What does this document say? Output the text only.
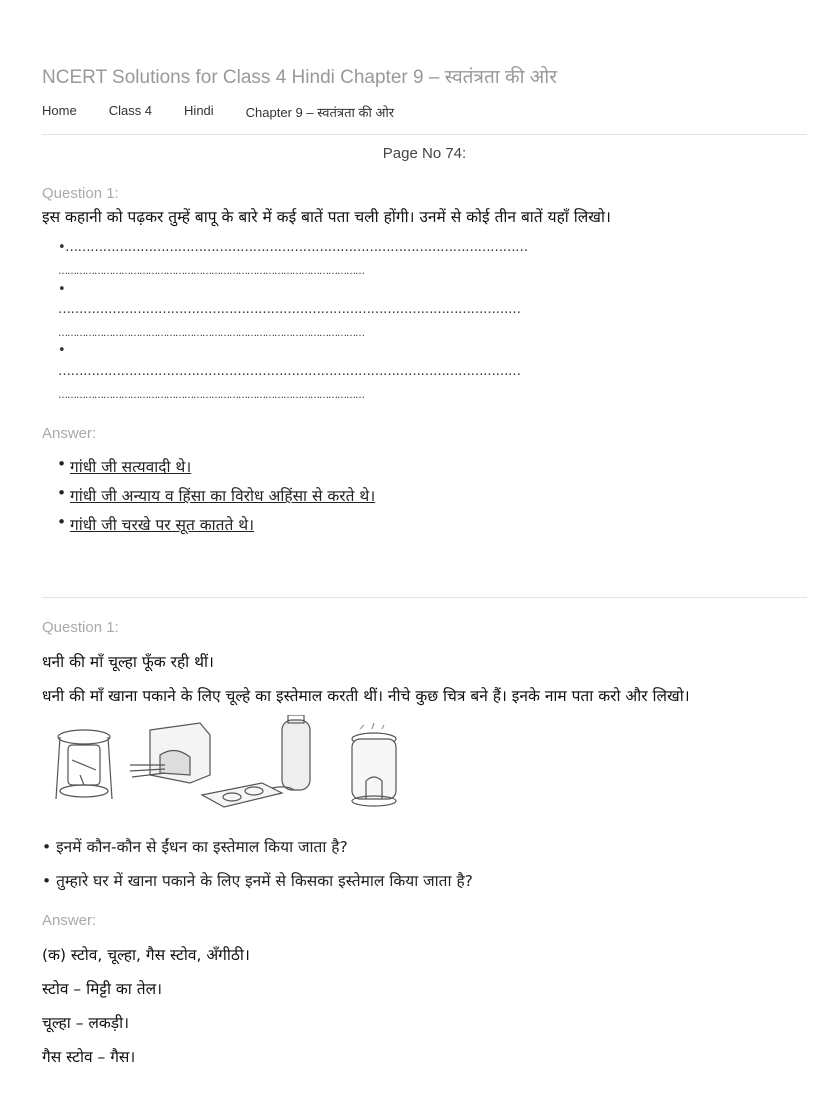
NCERT Solutions for Class 4 Hindi Chapter 9 – स्वतंत्रता की ओर
Home Class 4 Hindi Chapter 9 – स्वतंत्रता की ओर
Page No 74:
Question 1:
इस कहानी को पढ़कर तुम्हें बापू के बारे में कई बातें पता चली होंगी। उनमें से कोई तीन बातें यहाँ लिखो।
•…………………………………………………………………………………………………
…………………………………………………………………………………………
•
…………………………………………………………………………………………………
…………………………………………………………………………………………
•
…………………………………………………………………………………………………
…………………………………………………………………………………………
Answer:
• गांधी जी सत्यवादी थे।
• गांधी जी अन्याय व हिंसा का विरोध अहिंसा से करते थे।
• गांधी जी चरखे पर सूत कातते थे।
Question 1:
धनी की माँ चूल्हा फूँक रही थीं।
धनी की माँ खाना पकाने के लिए चूल्हे का इस्तेमाल करती थीं। नीचे कुछ चित्र बने हैं। इनके नाम पता करो और लिखो।
• इनमें कौन-कौन से ईंधन का इस्तेमाल किया जाता है?
• तुम्हारे घर में खाना पकाने के लिए इनमें से किसका इस्तेमाल किया जाता है?
Answer:
(क) स्टोव, चूल्हा, गैस स्टोव, अँगीठी।
स्टोव – मिट्टी का तेल।
चूल्हा – लकड़ी।
गैस स्टोव – गैस।
